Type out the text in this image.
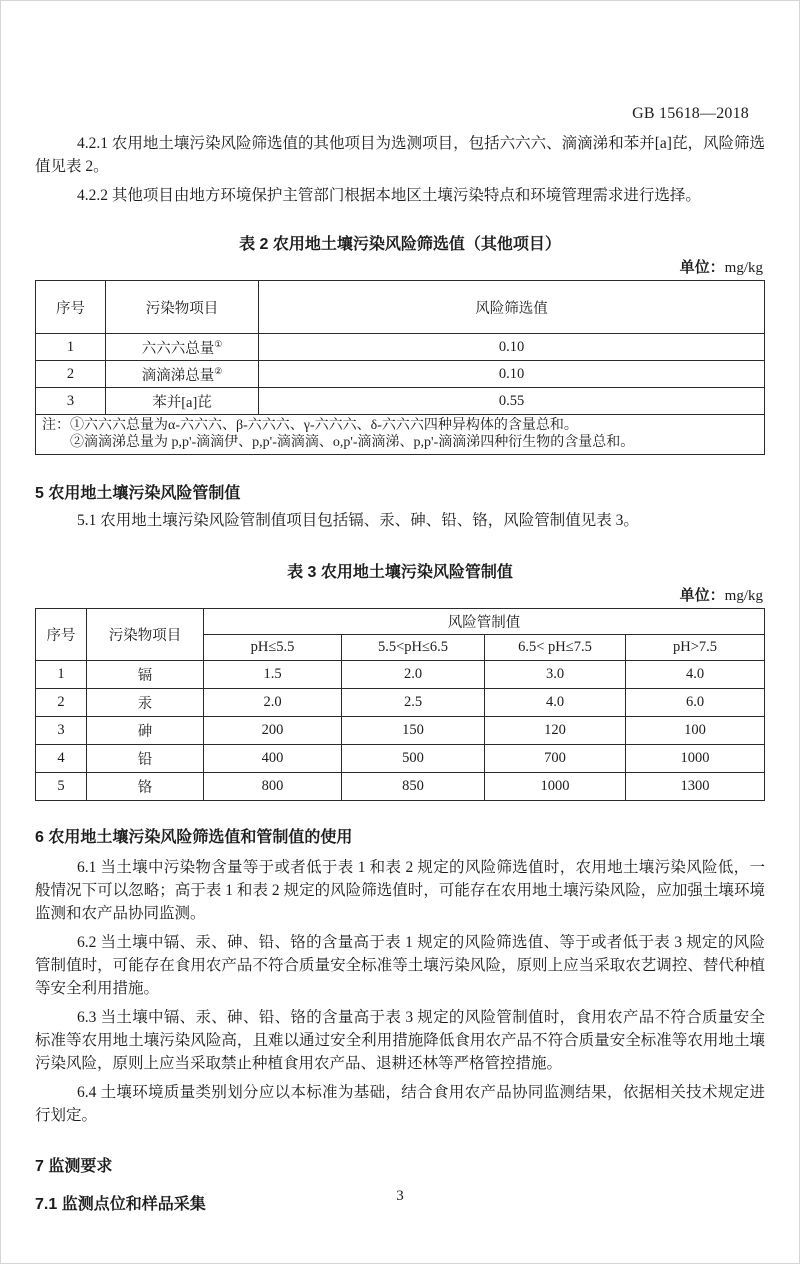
GB 15618—2018

4.2.1 农用地土壤污染风险筛选值的其他项目为选测项目，包括六六六、滴滴涕和苯并[a]芘，风险筛选值见表 2。

4.2.2 其他项目由地方环境保护主管部门根据本地区土壤污染特点和环境管理需求进行选择。

表 2 农用地土壤污染风险筛选值（其他项目）

单位：mg/kg
序号	污染物项目	风险筛选值
1	六六六总量①	0.10
2	滴滴涕总量②	0.10
3	苯并[a]芘	0.55

注： ①六六六总量为α-六六六、β-六六六、γ-六六六、δ-六六六四种异构体的含量总和。
②滴滴涕总量为 p,p'-滴滴伊、p,p'-滴滴滴、o,p'-滴滴涕、p,p'-滴滴涕四种衍生物的含量总和。		

5 农用地土壤污染风险管制值

5.1 农用地土壤污染风险管制值项目包括镉、汞、砷、铅、铬，风险管制值见表 3。

表 3 农用地土壤污染风险管制值

单位：mg/kg
序号	污染物项目	风险管制值			
		pH≤5.5	5.5<pH≤6.5	6.5< pH≤7.5	pH>7.5
1	镉	1.5	2.0	3.0	4.0
2	汞	2.0	2.5	4.0	6.0
3	砷	200	150	120	100
4	铅	400	500	700	1000
5	铬	800	850	1000	1300

6 农用地土壤污染风险筛选值和管制值的使用

6.1 当土壤中污染物含量等于或者低于表 1 和表 2 规定的风险筛选值时，农用地土壤污染风险低，一般情况下可以忽略；高于表 1 和表 2 规定的风险筛选值时，可能存在农用地土壤污染风险，应加强土壤环境监测和农产品协同监测。

6.2 当土壤中镉、汞、砷、铅、铬的含量高于表 1 规定的风险筛选值、等于或者低于表 3 规定的风险管制值时，可能存在食用农产品不符合质量安全标准等土壤污染风险，原则上应当采取农艺调控、替代种植等安全利用措施。

6.3 当土壤中镉、汞、砷、铅、铬的含量高于表 3 规定的风险管制值时，食用农产品不符合质量安全标准等农用地土壤污染风险高，且难以通过安全利用措施降低食用农产品不符合质量安全标准等农用地土壤污染风险，原则上应当采取禁止种植食用农产品、退耕还林等严格管控措施。

6.4 土壤环境质量类别划分应以本标准为基础，结合食用农产品协同监测结果，依据相关技术规定进行划定。

7 监测要求

7.1 监测点位和样品采集	3
